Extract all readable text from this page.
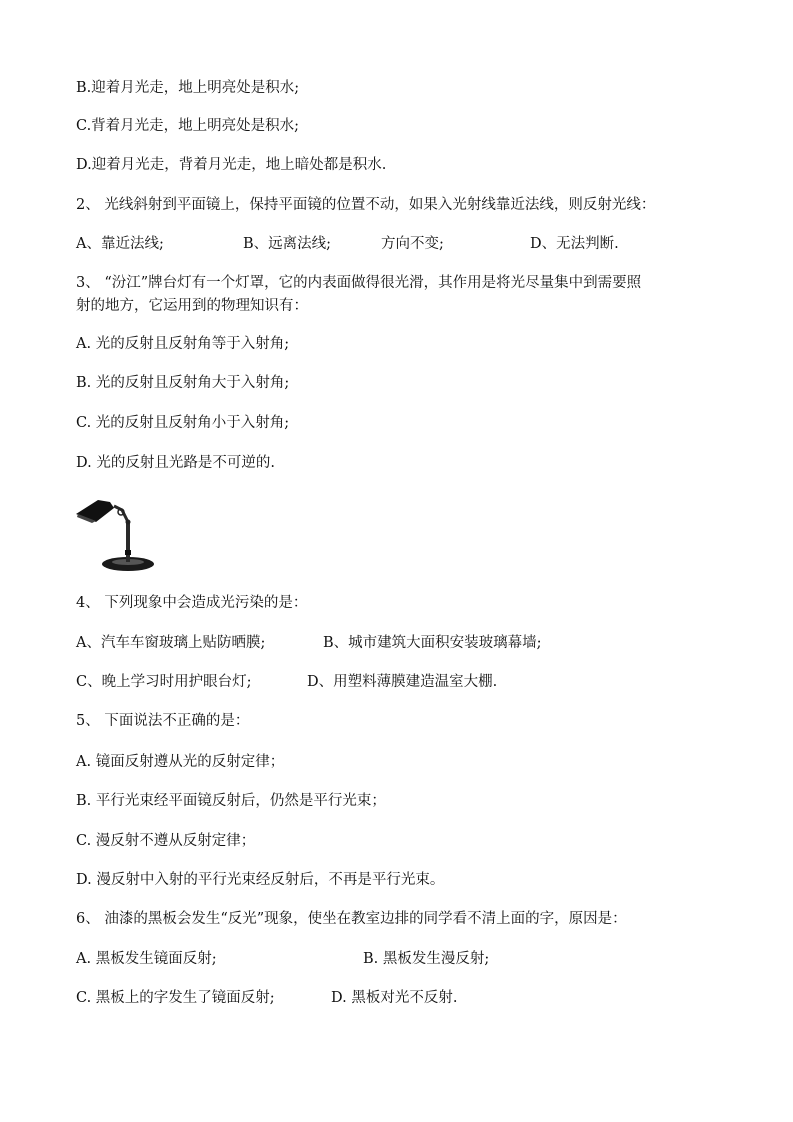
B.迎着月光走，地上明亮处是积水;
C.背着月光走，地上明亮处是积水;
D.迎着月光走，背着月光走，地上暗处都是积水.
2、 光线斜射到平面镜上，保持平面镜的位置不动，如果入光射线靠近法线，则反射光线：
A、靠近法线;	B、远离法线;	方向不变;	D、无法判断.
3、 “汾江”牌台灯有一个灯罩，它的内表面做得很光滑，其作用是将光尽量集中到需要照
射的地方，它运用到的物理知识有：
A. 光的反射且反射角等于入射角;
B. 光的反射且反射角大于入射角;
C. 光的反射且反射角小于入射角;
D. 光的反射且光路是不可逆的.
4、 下列现象中会造成光污染的是：
A、汽车车窗玻璃上贴防晒膜;	B、城市建筑大面积安装玻璃幕墙;
C、晚上学习时用护眼台灯;	D、用塑料薄膜建造温室大棚.
5、 下面说法不正确的是：
A. 镜面反射遵从光的反射定律；
B. 平行光束经平面镜反射后，仍然是平行光束；
C. 漫反射不遵从反射定律；
D. 漫反射中入射的平行光束经反射后，不再是平行光束。
6、 油漆的黑板会发生“反光”现象，使坐在教室边排的同学看不清上面的字，原因是：
A. 黑板发生镜面反射;	B. 黑板发生漫反射;
C. 黑板上的字发生了镜面反射;	D. 黑板对光不反射.
